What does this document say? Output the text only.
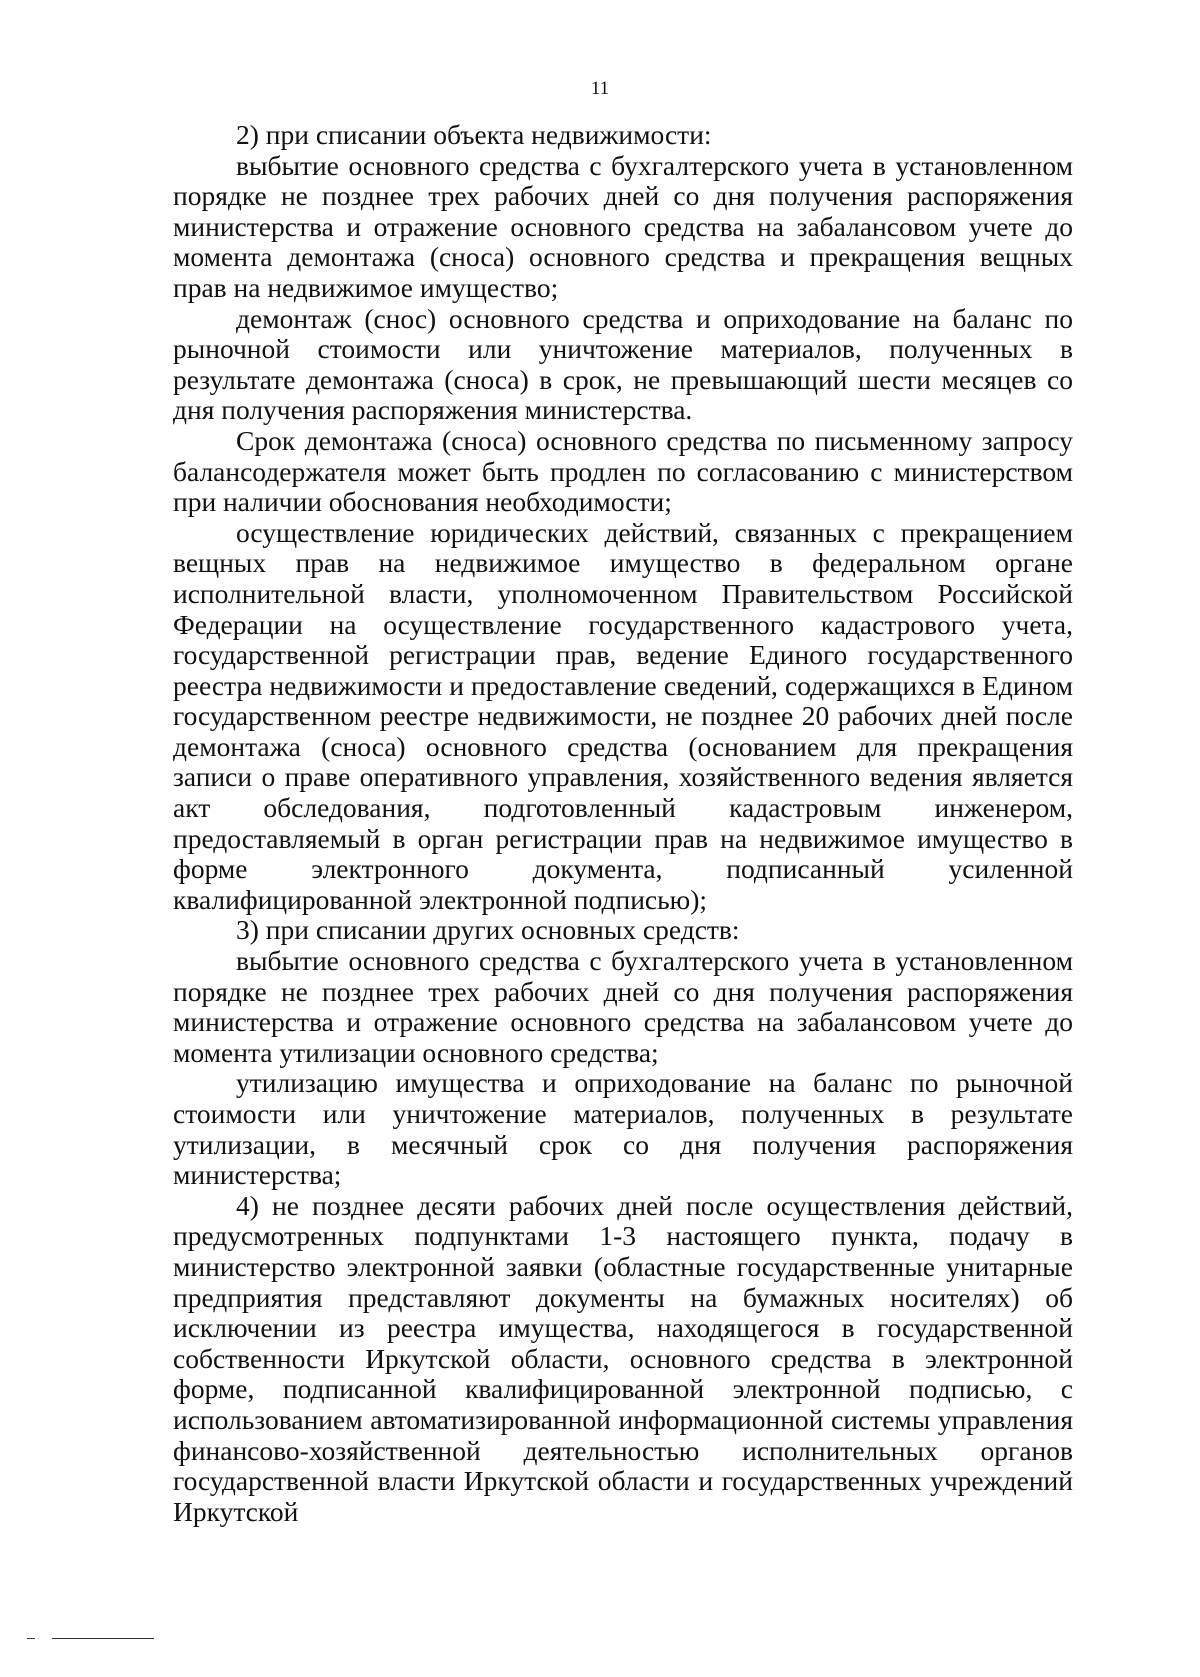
11

2) при списании объекта недвижимости:

выбытие основного средства с бухгалтерского учета в установленном порядке не позднее трех рабочих дней со дня получения распоряжения министерства и отражение основного средства на забалансовом учете до момента демонтажа (сноса) основного средства и прекращения вещных прав на недвижимое имущество;

демонтаж (снос) основного средства и оприходование на баланс по рыночной стоимости или уничтожение материалов, полученных в результате демонтажа (сноса) в срок, не превышающий шести месяцев со дня получения распоряжения министерства.

Срок демонтажа (сноса) основного средства по письменному запросу балансодержателя может быть продлен по согласованию с министерством при наличии обоснования необходимости;

осуществление юридических действий, связанных с прекращением вещных прав на недвижимое имущество в федеральном органе исполнительной власти, уполномоченном Правительством Российской Федерации на осуществление государственного кадастрового учета, государственной регистрации прав, ведение Единого государственного реестра недвижимости и предоставление сведений, содержащихся в Едином государственном реестре недвижимости, не позднее 20 рабочих дней после демонтажа (сноса) основного средства (основанием для прекращения записи о праве оперативного управления, хозяйственного ведения является акт обследования, подготовленный кадастровым инженером, предоставляемый в орган регистрации прав на недвижимое имущество в форме электронного документа, подписанный усиленной квалифицированной электронной подписью);

3) при списании других основных средств:

выбытие основного средства с бухгалтерского учета в установленном порядке не позднее трех рабочих дней со дня получения распоряжения министерства и отражение основного средства на забалансовом учете до момента утилизации основного средства;

утилизацию имущества и оприходование на баланс по рыночной стоимости или уничтожение материалов, полученных в результате утилизации, в месячный срок со дня получения распоряжения министерства;

4) не позднее десяти рабочих дней после осуществления действий, предусмотренных подпунктами 1-3 настоящего пункта, подачу в министерство электронной заявки (областные государственные унитарные предприятия представляют документы на бумажных носителях) об исключении из реестра имущества, находящегося в государственной собственности Иркутской области, основного средства в электронной форме, подписанной квалифицированной электронной подписью, с использованием автоматизированной информационной системы управления финансово-хозяйственной деятельностью исполнительных органов государственной власти Иркутской области и государственных учреждений Иркутской
